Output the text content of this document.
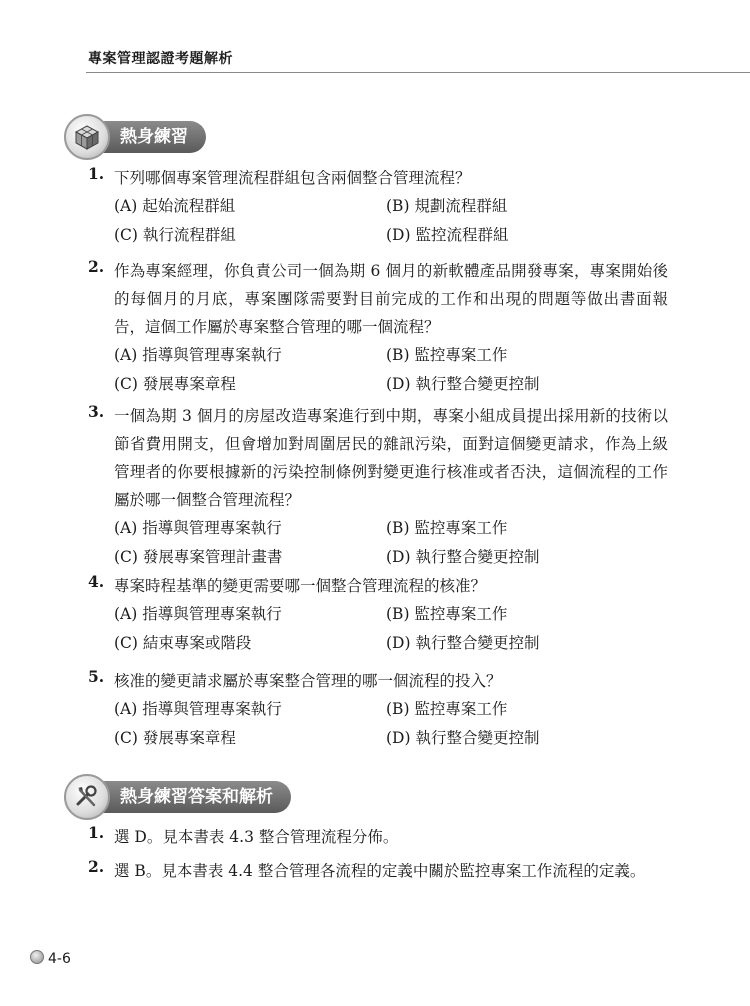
專案管理認證考題解析
熱身練習
1. 下列哪個專案管理流程群組包含兩個整合管理流程？
(A) 起始流程群組	(B) 規劃流程群組
(C) 執行流程群組	(D) 監控流程群組
2. 作為專案經理，你負責公司一個為期 6 個月的新軟體產品開發專案，專案開始後的每個月的月底，專案團隊需要對目前完成的工作和出現的問題等做出書面報告，這個工作屬於專案整合管理的哪一個流程？
(A) 指導與管理專案執行	(B) 監控專案工作
(C) 發展專案章程	(D) 執行整合變更控制
3. 一個為期 3 個月的房屋改造專案進行到中期，專案小組成員提出採用新的技術以節省費用開支，但會增加對周圍居民的雜訊污染，面對這個變更請求，作為上級管理者的你要根據新的污染控制條例對變更進行核准或者否決，這個流程的工作屬於哪一個整合管理流程？
(A) 指導與管理專案執行	(B) 監控專案工作
(C) 發展專案管理計畫書	(D) 執行整合變更控制
4. 專案時程基準的變更需要哪一個整合管理流程的核准？
(A) 指導與管理專案執行	(B) 監控專案工作
(C) 結束專案或階段	(D) 執行整合變更控制
5. 核准的變更請求屬於專案整合管理的哪一個流程的投入？
(A) 指導與管理專案執行	(B) 監控專案工作
(C) 發展專案章程	(D) 執行整合變更控制
熱身練習答案和解析
1. 選 D。見本書表 4.3 整合管理流程分佈。
2. 選 B。見本書表 4.4 整合管理各流程的定義中關於監控專案工作流程的定義。
4-6
